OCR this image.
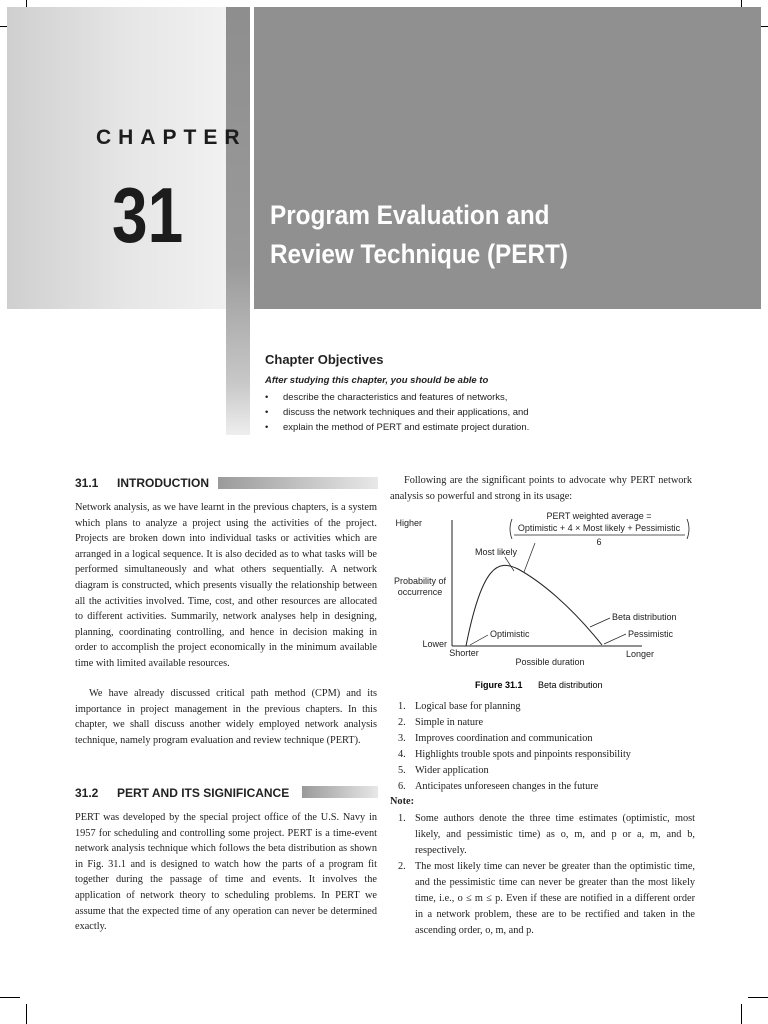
CHAPTER
31	Program Evaluation and
Review Technique (PERT)
Chapter Objectives
After studying this chapter, you should be able to
• describe the characteristics and features of networks,
• discuss the network techniques and their applications, and
• explain the method of PERT and estimate project duration.
31.1 INTRODUCTION

Network analysis, as we have learnt in the previous chapters, is a system which plans to analyze a project using the activities of the project. Projects are broken down into individual tasks or activities which are arranged in a logical sequence. It is also decided as to what tasks will be performed simultaneously and what others sequentially. A network diagram is constructed, which presents visually the relationship between all the activities involved. Time, cost, and other resources are allocated to different activities. Summarily, network analyses help in designing, planning, coordinating controlling, and hence in decision making in order to accomplish the project economically in the minimum available time with limited available resources.

We have already discussed critical path method (CPM) and its importance in project management in the previous chapters. In this chapter, we shall discuss another widely employed network analysis technique, namely program evaluation and review technique (PERT).

31.2 PERT AND ITS SIGNIFICANCE

PERT was developed by the special project office of the U.S. Navy in 1957 for scheduling and controlling some project. PERT is a time-event network analysis technique which follows the beta distribution as shown in Fig. 31.1 and is designed to watch how the parts of a program fit together during the passage of time and events. It involves the application of network theory to scheduling problems. In PERT we assume that the expected time of any operation can never be determined exactly.

Following are the significant points to advocate why PERT network analysis so powerful and strong in its usage:

Higher
Probability of
occurrence
Lower
Shorter
Possible duration
Longer
PERT weighted average =
Optimistic + 4 × Most likely + Pessimistic
6
Most likely
Optimistic	Pessimistic
Beta distribution
Figure 31.1 Beta distribution
1. Logical base for planning
2. Simple in nature
3. Improves coordination and communication
4. Highlights trouble spots and pinpoints responsibility
5. Wider application
6. Anticipates unforeseen changes in the future
Note:
1. Some authors denote the three time estimates (optimistic, most likely, and pessimistic time) as o, m, and p or a, m, and b, respectively.
2. The most likely time can never be greater than the optimistic time, and the pessimistic time can never be greater than the most likely time, i.e., o ≤ m ≤ p. Even if these are notified in a different order in a network problem, these are to be rectified and taken in the ascending order, o, m, and p.
